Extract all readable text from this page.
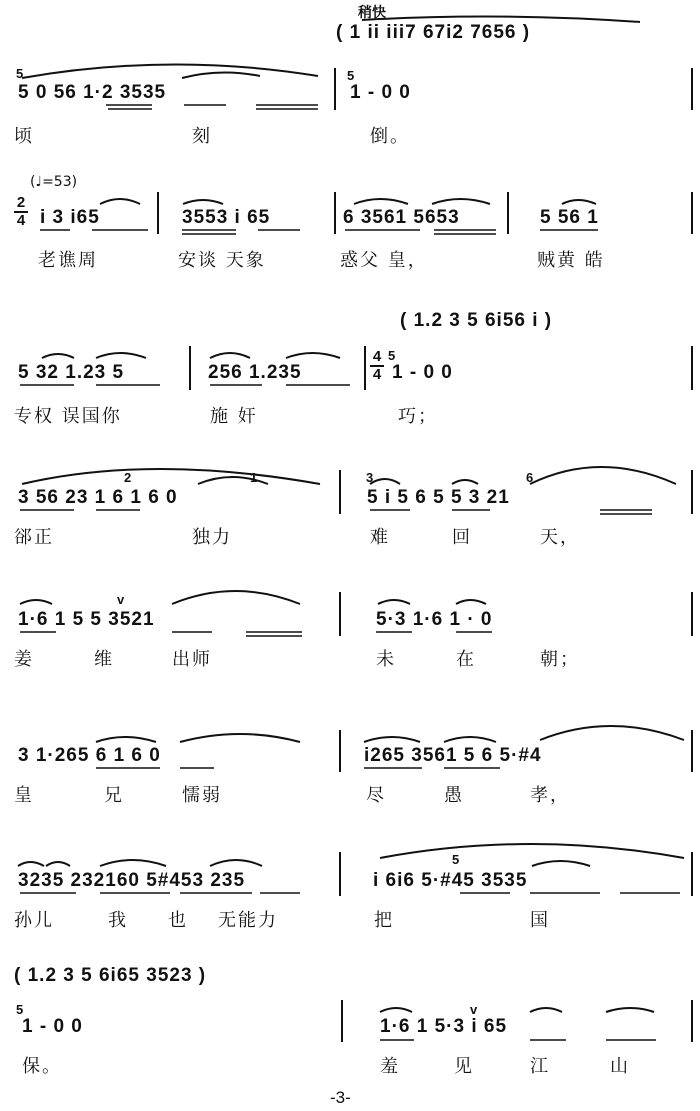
稍快
( 1 ii iii7 67i2 7656 )
5
5 0 56 1·2 3535
5
1 - 0 0
顷	刻	倒。
(♩=53)
2
4 i 3 i65	3553 i 65	6 3561 5653	5 56 1
老谯周	安谈 天象	惑父 皇，	贼黄 皓
( 1.2 3 5 6i56 i )
5 32 1.23 5	256 1.235
4
4
5
1 - 0 0
专权 误国你	施 奸	巧；
2	1	3	6
3 56 23 1 6 1 6 0	5 i 5 6 5 5 3 21
郤正	独力	难	回	天，
v
1·6 1 5 5 3521	5·3 1·6 1 · 0
姜	维	出师	未	在	朝；
3 1·265 6 1 6 0	i265 3561 5 6 5·#4
皇	兄	懦弱	尽	愚	孝，
5
3235 232160 5#453 235	i 6i6 5·#45 3535
孙儿	我 也 无能力	把	国
( 1.2 3 5 6i65 3523 )
5
1 - 0 0
v
1·6 1 5·3 i 65
保。	羞	见	江	山
-3-
